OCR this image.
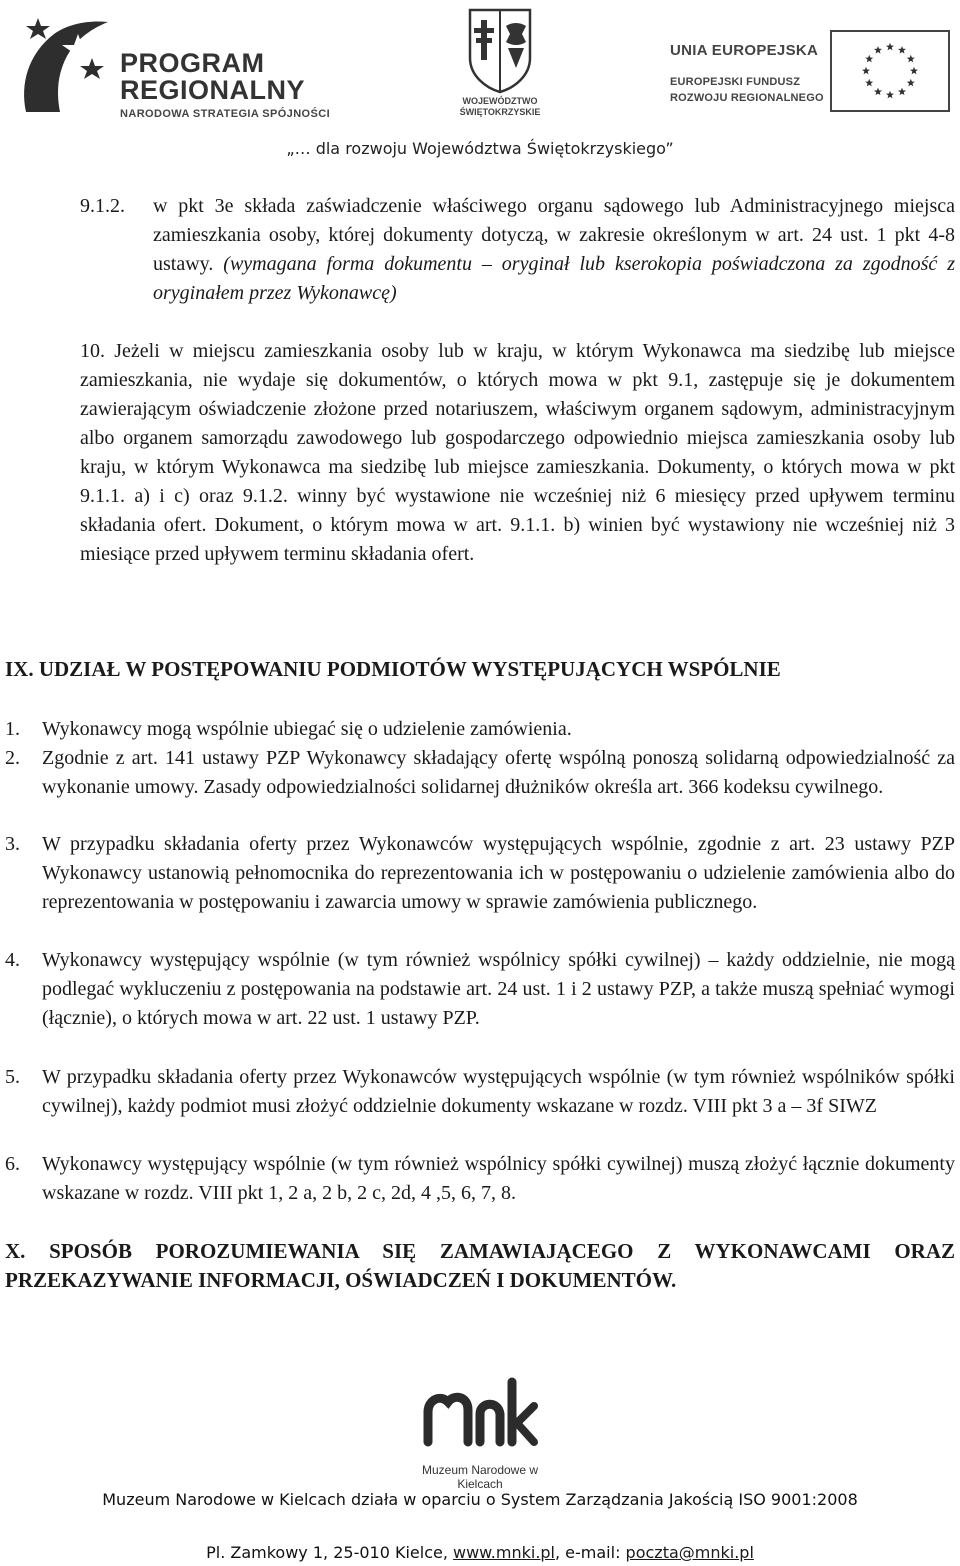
PROGRAM
REGIONALNY
NARODOWA STRATEGIA SPÓJNOŚCI
WOJEWÓDZTWO
ŚWIĘTOKRZYSKIE
UNIA EUROPEJSKA
EUROPEJSKI FUNDUSZ
ROZWOJU REGIONALNEGO
„… dla rozwoju Województwa Świętokrzyskiego”
9.1.2. w pkt 3e składa zaświadczenie właściwego organu sądowego lub Administracyjnego miejsca zamieszkania osoby, której dokumenty dotyczą, w zakresie określonym w art. 24 ust. 1 pkt 4-8 ustawy. (wymagana forma dokumentu – oryginał lub kserokopia poświadczona za zgodność z oryginałem przez Wykonawcę)

10. Jeżeli w miejscu zamieszkania osoby lub w kraju, w którym Wykonawca ma siedzibę lub miejsce zamieszkania, nie wydaje się dokumentów, o których mowa w pkt 9.1, zastępuje się je dokumentem zawierającym oświadczenie złożone przed notariuszem, właściwym organem sądowym, administracyjnym albo organem samorządu zawodowego lub gospodarczego odpowiednio miejsca zamieszkania osoby lub kraju, w którym Wykonawca ma siedzibę lub miejsce zamieszkania. Dokumenty, o których mowa w pkt 9.1.1. a) i c) oraz 9.1.2. winny być wystawione nie wcześniej niż 6 miesięcy przed upływem terminu składania ofert. Dokument, o którym mowa w art. 9.1.1. b) winien być wystawiony nie wcześniej niż 3 miesiące przed upływem terminu składania ofert.

IX. UDZIAŁ W POSTĘPOWANIU PODMIOTÓW WYSTĘPUJĄCYCH WSPÓLNIE
1. Wykonawcy mogą wspólnie ubiegać się o udzielenie zamówienia.

2. Zgodnie z art. 141 ustawy PZP Wykonawcy składający ofertę wspólną ponoszą solidarną odpowiedzialność za wykonanie umowy. Zasady odpowiedzialności solidarnej dłużników określa art. 366 kodeksu cywilnego.

3. W przypadku składania oferty przez Wykonawców występujących wspólnie, zgodnie z art. 23 ustawy PZP Wykonawcy ustanowią pełnomocnika do reprezentowania ich w postępowaniu o udzielenie zamówienia albo do reprezentowania w postępowaniu i zawarcia umowy w sprawie zamówienia publicznego.

4. Wykonawcy występujący wspólnie (w tym również wspólnicy spółki cywilnej) – każdy oddzielnie, nie mogą podlegać wykluczeniu z postępowania na podstawie art. 24 ust. 1 i 2 ustawy PZP, a także muszą spełniać wymogi (łącznie), o których mowa w art. 22 ust. 1 ustawy PZP.

5. W przypadku składania oferty przez Wykonawców występujących wspólnie (w tym również wspólników spółki cywilnej), każdy podmiot musi złożyć oddzielnie dokumenty wskazane w rozdz. VIII pkt 3 a – 3f SIWZ

6. Wykonawcy występujący wspólnie (w tym również wspólnicy spółki cywilnej) muszą złożyć łącznie dokumenty wskazane w rozdz. VIII pkt 1, 2 a, 2 b, 2 c, 2d, 4 ,5, 6, 7, 8.

X. SPOSÓB POROZUMIEWANIA SIĘ ZAMAWIAJĄCEGO Z WYKONAWCAMI ORAZ PRZEKAZYWANIE INFORMACJI, OŚWIADCZEŃ I DOKUMENTÓW.
Muzeum Narodowe w Kielcach
Muzeum Narodowe w Kielcach działa w oparciu o System Zarządzania Jakością ISO 9001:2008
Pl. Zamkowy 1, 25-010 Kielce, www.mnki.pl, e-mail: poczta@mnki.pl
